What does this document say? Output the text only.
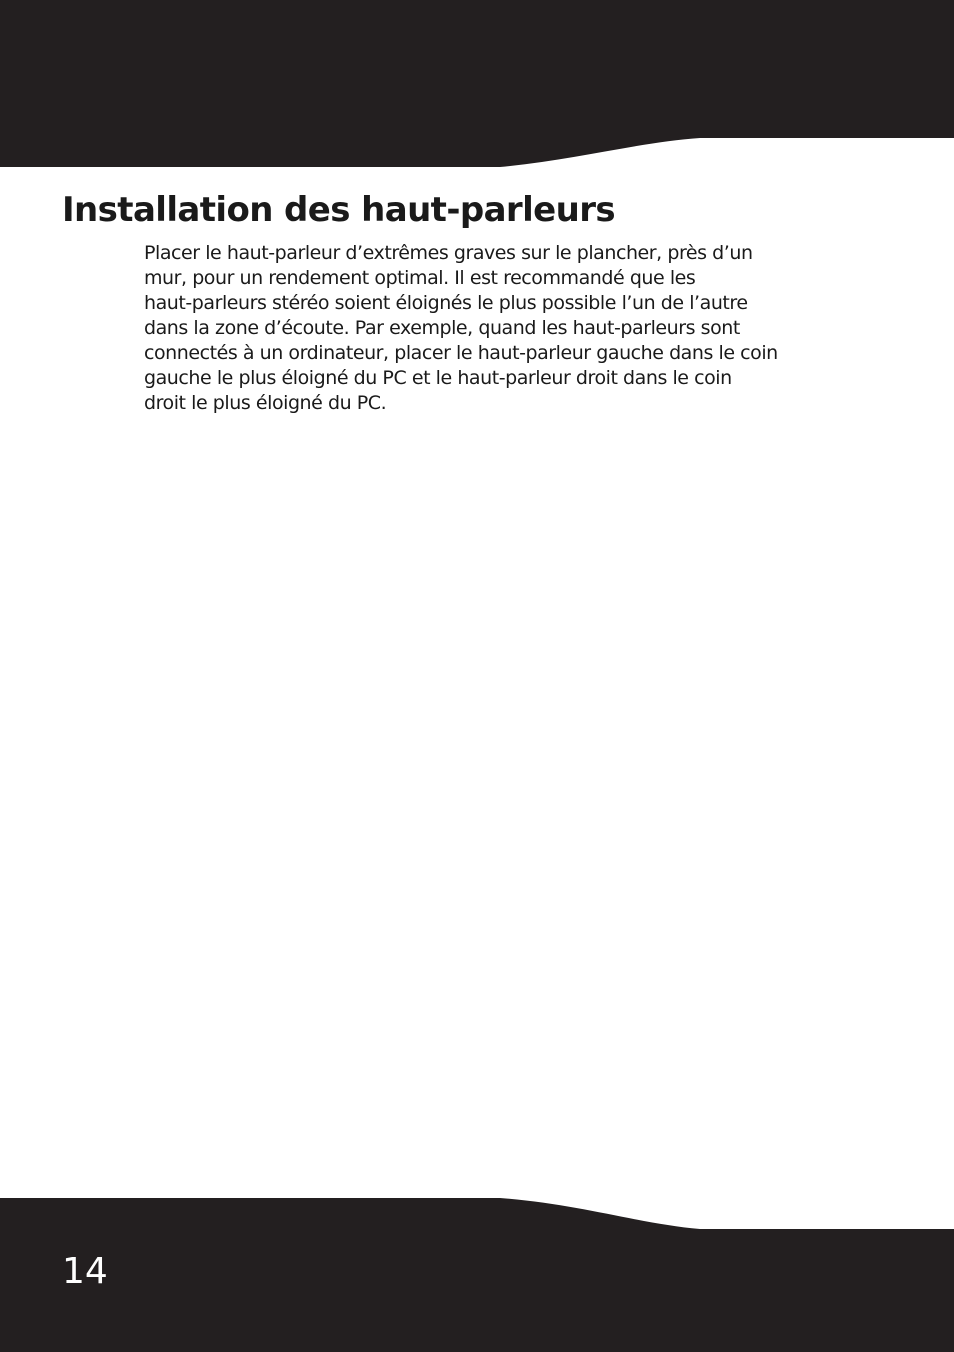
Installation des haut-parleurs

Placer le haut-parleur d’extrêmes graves sur le plancher, près d’un
mur, pour un rendement optimal. Il est recommandé que les
haut-parleurs stéréo soient éloignés le plus possible l’un de l’autre
dans la zone d’écoute. Par exemple, quand les haut-parleurs sont
connectés à un ordinateur, placer le haut-parleur gauche dans le coin
gauche le plus éloigné du PC et le haut-parleur droit dans le coin
droit le plus éloigné du PC.

14
